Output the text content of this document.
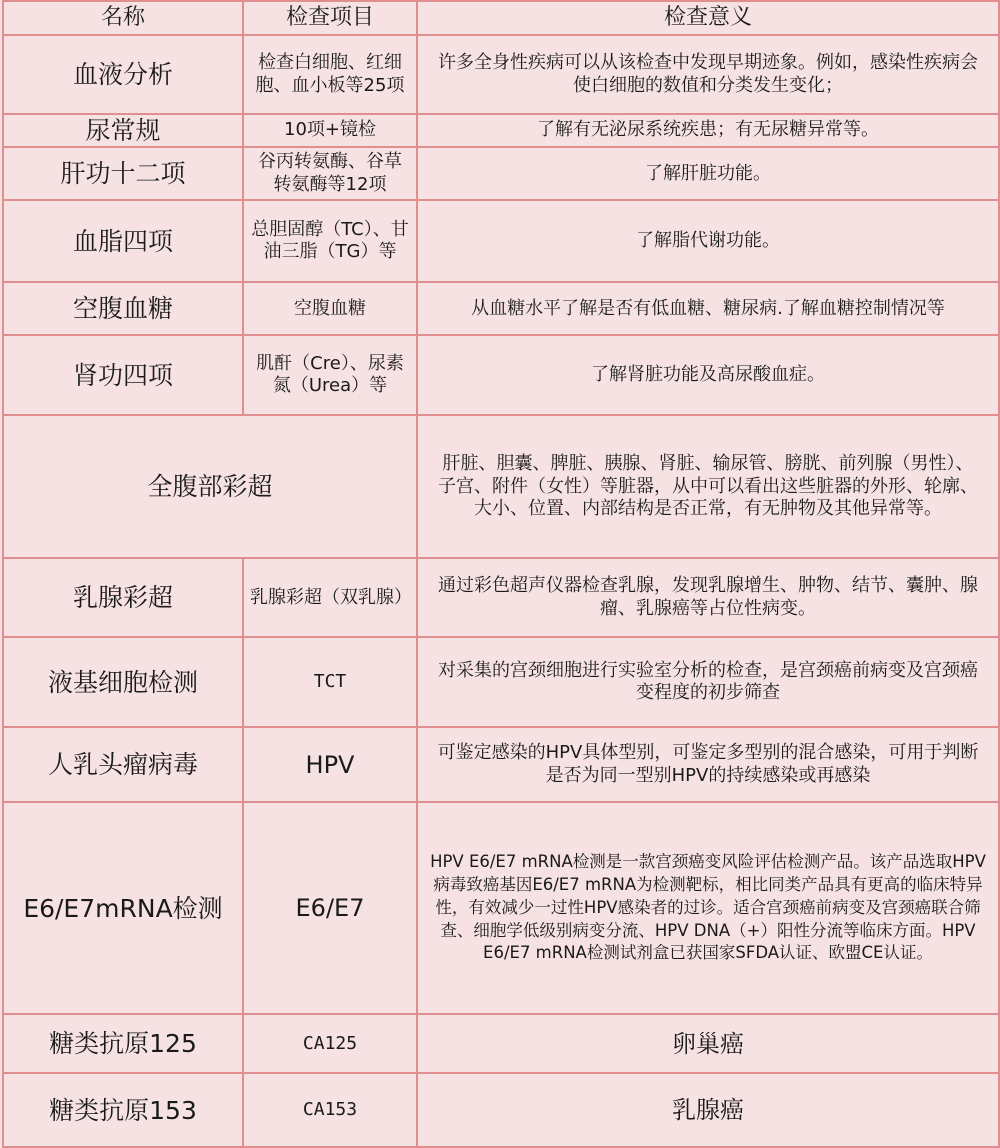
名称	检查项目	检查意义
血液分析	检查白细胞、红细胞、血小板等25项	许多全身性疾病可以从该检查中发现早期迹象。例如，感染性疾病会使白细胞的数值和分类发生变化；
尿常规	10项+镜检	了解有无泌尿系统疾患；有无尿糖异常等。
肝功十二项	谷丙转氨酶、谷草转氨酶等12项	了解肝脏功能。
血脂四项	总胆固醇（TC）、甘油三脂（TG）等	了解脂代谢功能。
空腹血糖	空腹血糖	从血糖水平了解是否有低血糖、糖尿病.了解血糖控制情况等
肾功四项	肌酐（Cre）、尿素氮（Urea）等	了解肾脏功能及高尿酸血症。
全腹部彩超		肝脏、胆囊、脾脏、胰腺、肾脏、输尿管、膀胱、前列腺（男性）、子宫、附件（女性）等脏器，从中可以看出这些脏器的外形、轮廓、大小、位置、内部结构是否正常，有无肿物及其他异常等。
乳腺彩超	乳腺彩超（双乳腺）	通过彩色超声仪器检查乳腺，发现乳腺增生、肿物、结节、囊肿、腺瘤、乳腺癌等占位性病变。
液基细胞检测	TCT	对采集的宫颈细胞进行实验室分析的检查，是宫颈癌前病变及宫颈癌变程度的初步筛查
人乳头瘤病毒	HPV	可鉴定感染的HPV具体型别，可鉴定多型别的混合感染，可用于判断是否为同一型别HPV的持续感染或再感染
E6/E7mRNA检测	E6/E7	HPV E6/E7 mRNA检测是一款宫颈癌变风险评估检测产品。该产品选取HPV病毒致癌基因E6/E7 mRNA为检测靶标，相比同类产品具有更高的临床特异性，有效减少一过性HPV感染者的过诊。适合宫颈癌前病变及宫颈癌联合筛查、细胞学低级别病变分流、HPV DNA（+）阳性分流等临床方面。HPV E6/E7 mRNA检测试剂盒已获国家SFDA认证、欧盟CE认证。
糖类抗原125	CA125	卵巢癌
糖类抗原153	CA153	乳腺癌
